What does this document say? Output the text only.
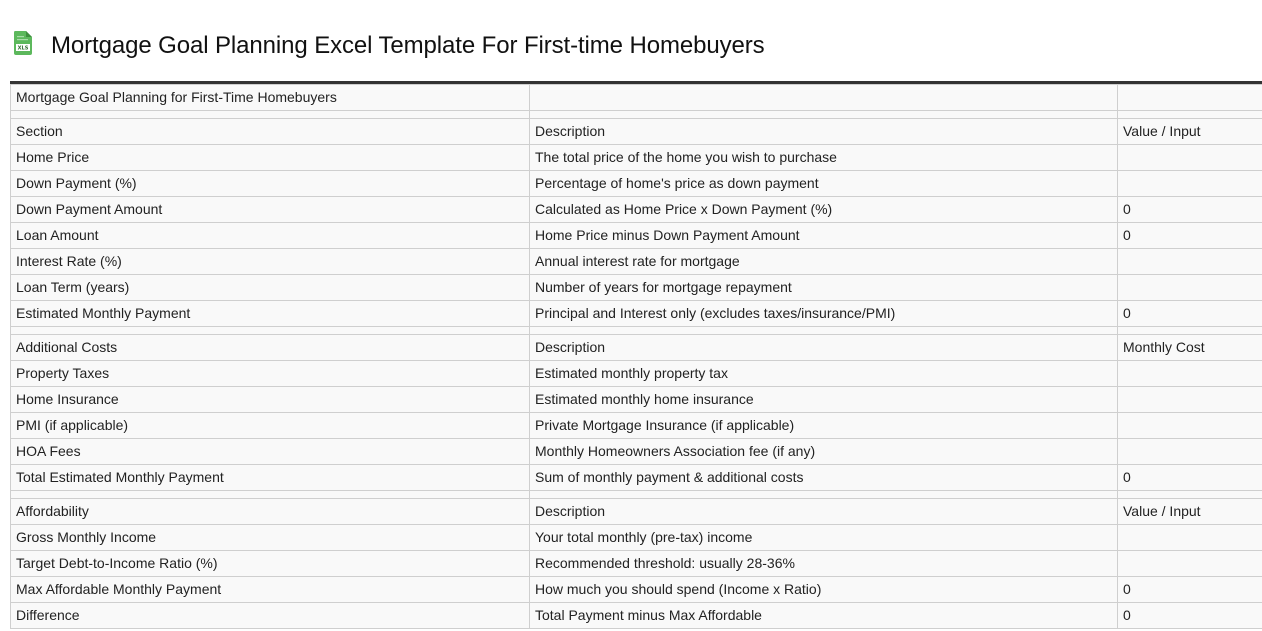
XLS Mortgage Goal Planning Excel Template For First-time Homebuyers
Mortgage Goal Planning for First-Time Homebuyers		

Section	Description	Value / Input
Home Price	The total price of the home you wish to purchase	
Down Payment (%)	Percentage of home's price as down payment	
Down Payment Amount	Calculated as Home Price x Down Payment (%)	0
Loan Amount	Home Price minus Down Payment Amount	0
Interest Rate (%)	Annual interest rate for mortgage	
Loan Term (years)	Number of years for mortgage repayment	
Estimated Monthly Payment	Principal and Interest only (excludes taxes/insurance/PMI)	0

Additional Costs	Description	Monthly Cost
Property Taxes	Estimated monthly property tax	
Home Insurance	Estimated monthly home insurance	
PMI (if applicable)	Private Mortgage Insurance (if applicable)	
HOA Fees	Monthly Homeowners Association fee (if any)	
Total Estimated Monthly Payment	Sum of monthly payment & additional costs	0

Affordability	Description	Value / Input
Gross Monthly Income	Your total monthly (pre-tax) income	
Target Debt-to-Income Ratio (%)	Recommended threshold: usually 28-36%	
Max Affordable Monthly Payment	How much you should spend (Income x Ratio)	0
Difference	Total Payment minus Max Affordable	0
